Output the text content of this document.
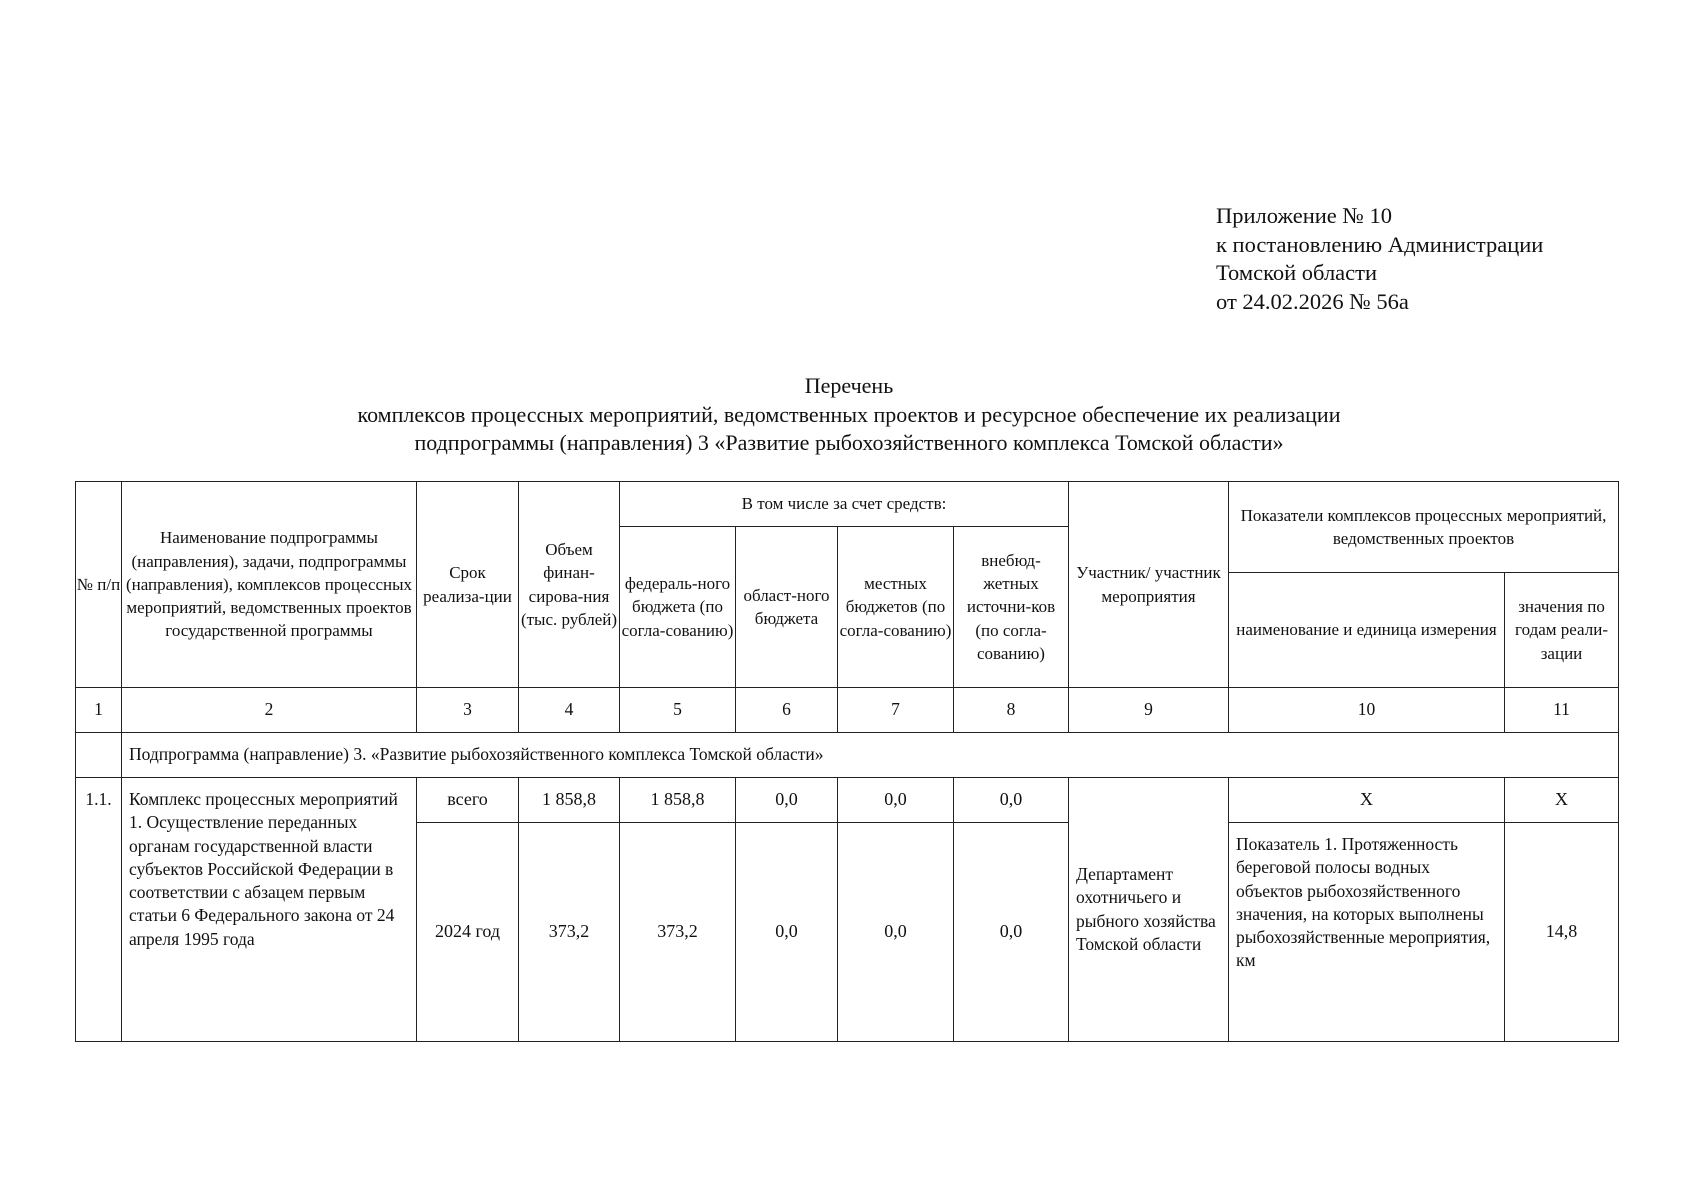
Приложение № 10
к постановлению Администрации
Томской области
от 24.02.2026 № 56а
Перечень
комплексов процессных мероприятий, ведомственных проектов и ресурсное обеспечение их реализации
подпрограммы (направления) 3 «Развитие рыбохозяйственного комплекса Томской области»
№ п/п	Наименование подпрограммы (направления), задачи, подпрограммы (направления), комплексов процессных мероприятий, ведомственных проектов государственной программы	Срок реализа-ции	Объем финан-сирова-ния (тыс. рублей)	В том числе за счет средств:				Участник/ участник мероприятия	Показатели комплексов процессных мероприятий, ведомственных проектов	
				федераль-ного бюджета (по согла-сованию)	област-ного бюджета	местных бюджетов (по согла-сованию)	внебюд-жетных источни-ков (по согла-сованию)			
									наименование и единица измерения	значения по годам реали-зации
1	2	3	4	5	6	7	8	9	10	11
	Подпрограмма (направление) 3. «Развитие рыбохозяйственного комплекса Томской области»									
1.1.	Комплекс процессных мероприятий 1. Осуществление переданных органам государственной власти субъектов Российской Федерации в соответствии с абзацем первым статьи 6 Федерального закона от 24 апреля 1995 года	всего	1 858,8	1 858,8	0,0	0,0	0,0	Департамент охотничьего и рыбного хозяйства Томской области	X	X
		2024 год	373,2	373,2	0,0	0,0	0,0		Показатель 1. Протяженность береговой полосы водных объектов рыбохозяйственного значения, на которых выполнены рыбохозяйственные мероприятия, км	14,8
